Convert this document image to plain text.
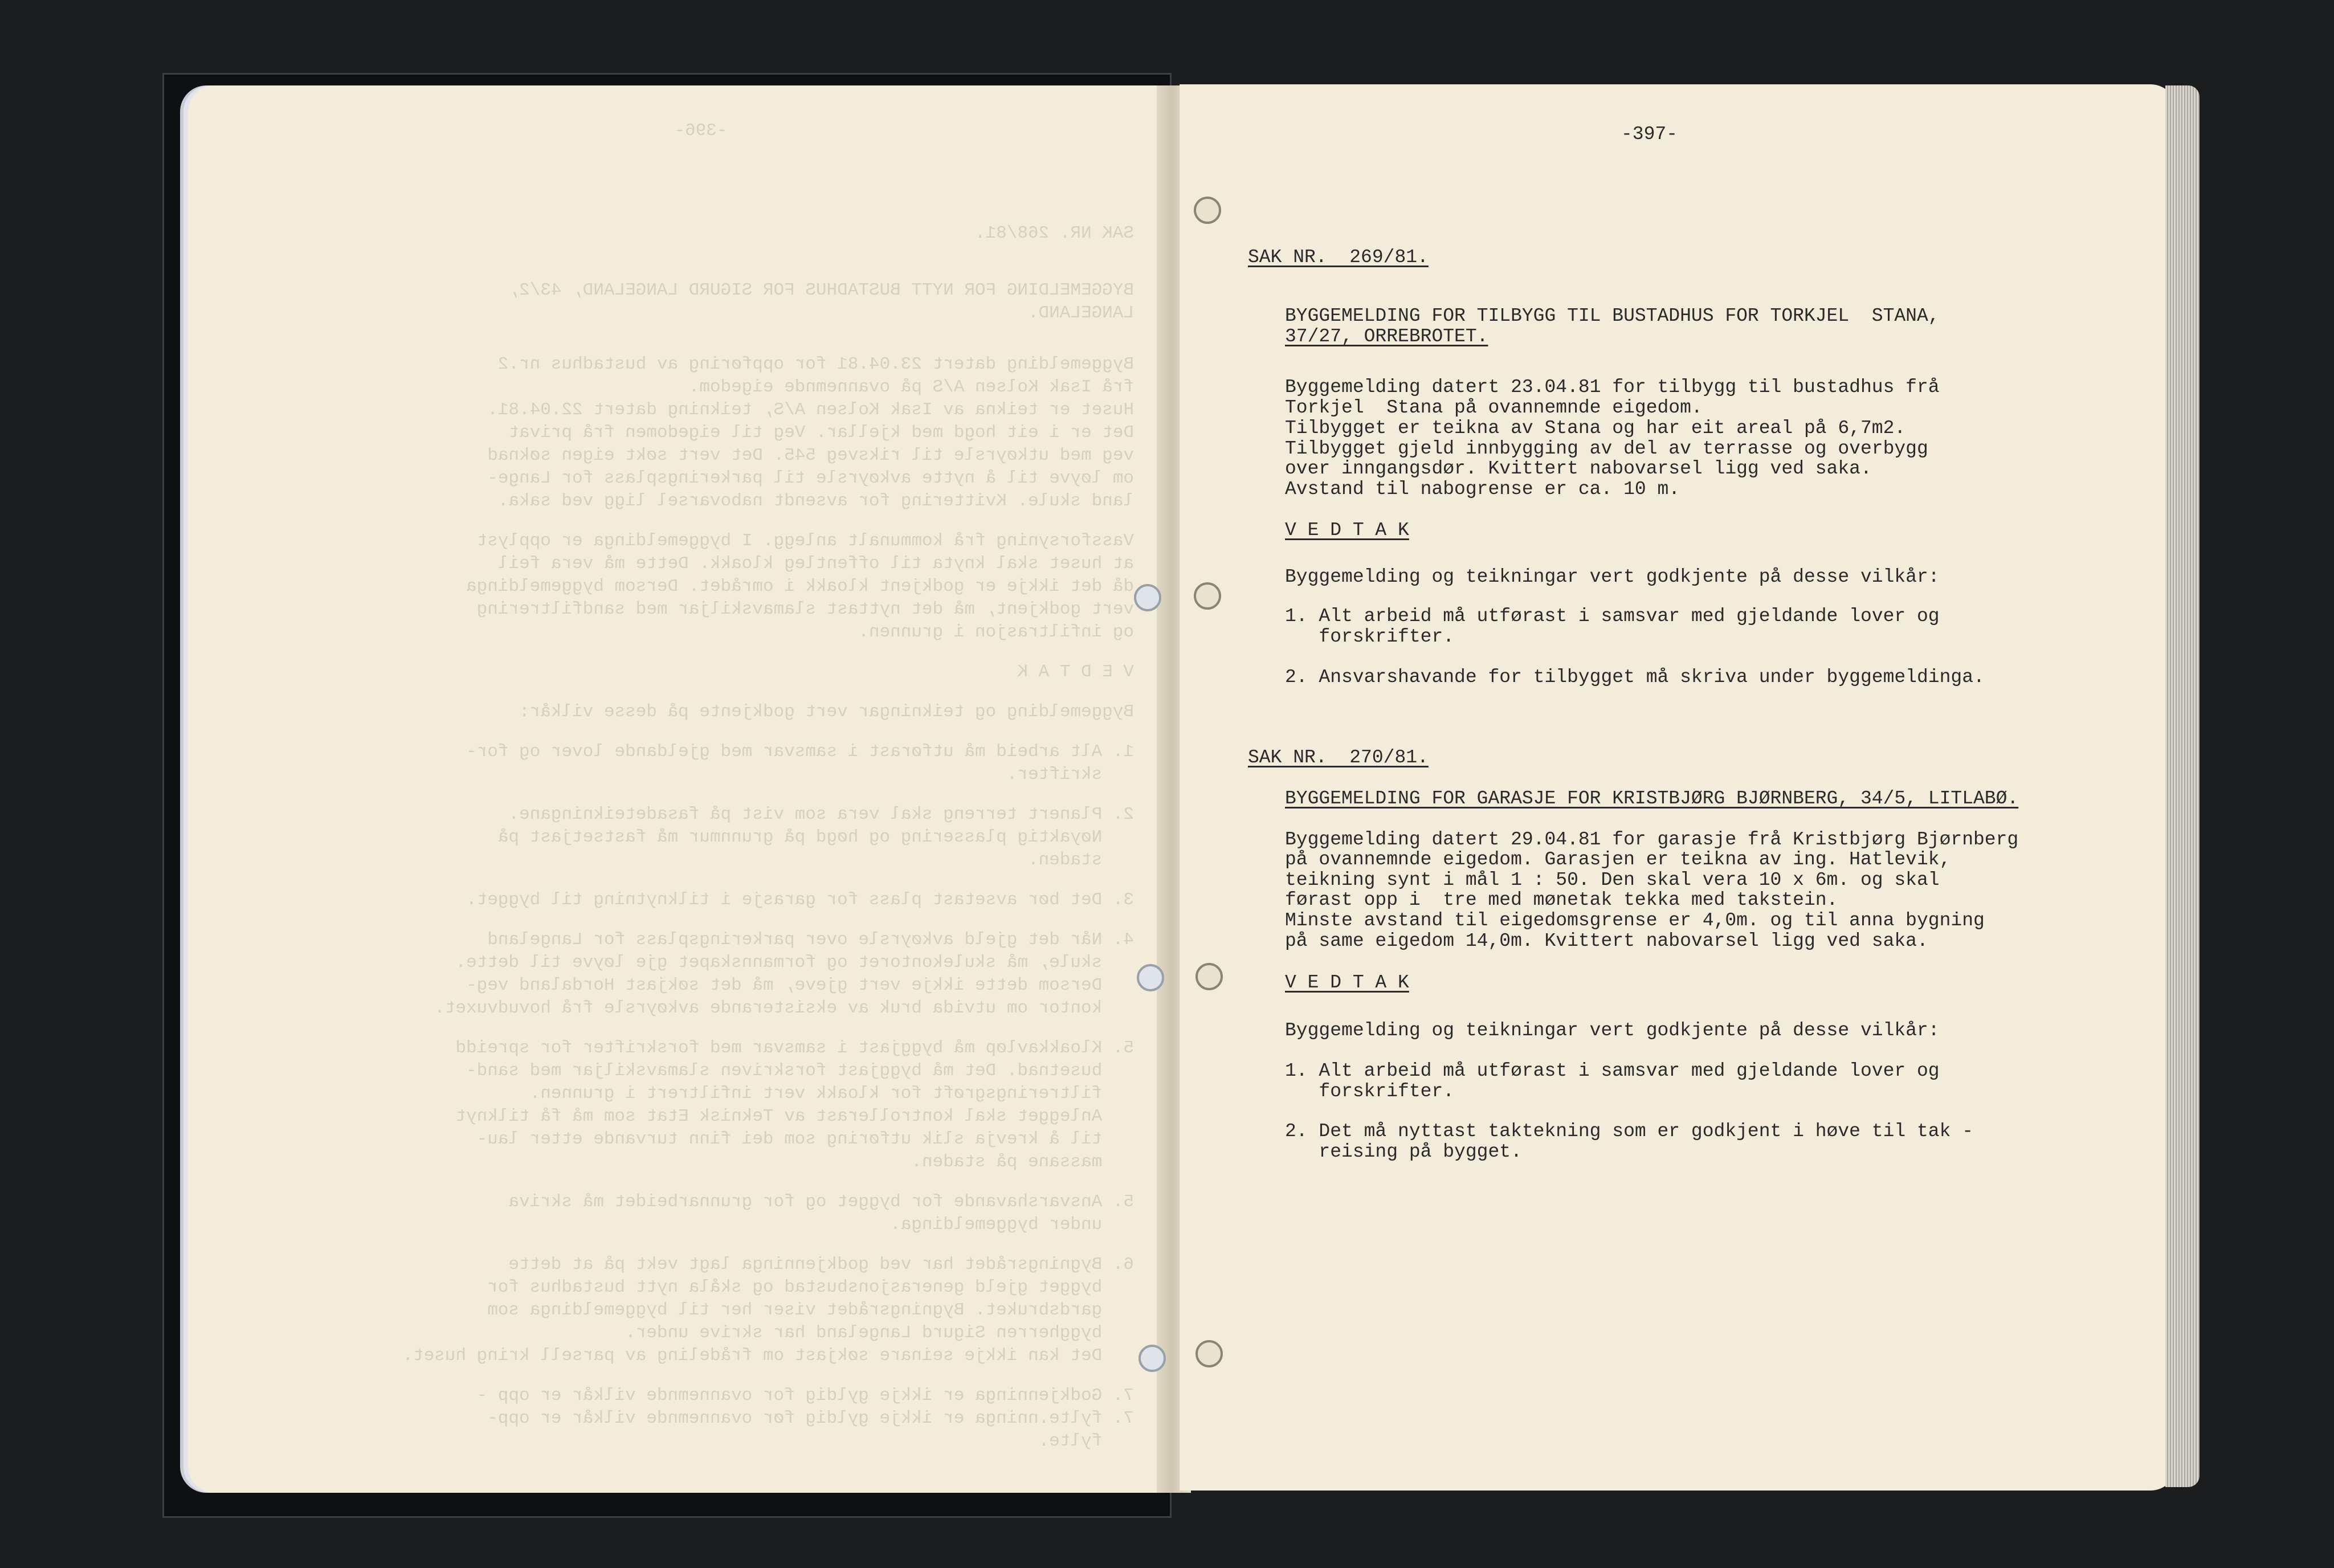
-396-

SAK NR. 268/81.

BYGGEMELDING FOR NYTT BUSTADHUS FOR SIGURD LANGELAND, 43/2,

LANGELAND.

Byggemelding datert 23.04.81 for oppføring av bustadhus nr.2
frå Isak Kolsen A/S på ovannemnde eigedom.
Huset er teikna av Isak Kolsen A/S, teikning datert 22.04.81.
Det er i eit hogd med kjellar. Veg til eigedomen frå privat
veg med utkøyrsle til riksveg 545. Det vert søkt eigen søknad
om løyve til å nytte avkøyrsle til parkeringsplass for Lange-
land skule. Kvittering for avsendt nabovarsel ligg ved saka.

Vassforsyning frå kommunalt anlegg. I byggemeldinga er opplyst
at huset skal knyta til offentleg kloakk. Dette må vera feil
då det ikkje er godkjent kloakk i området. Dersom byggemeldinga
vert godkjent, må det nyttast slamavskiljar med sandfiltrering
og infiltrasjon i grunnen.

V E D T A K

Byggemelding og teikningar vert godkjente på desse vilkår:

1. Alt arbeid må utførast i samsvar med gjeldande lover og for-
skrifter.

2. Planert terreng skal vera som vist på fasadeteikningane.
Nøyaktig plassering og høgd på grunnmur må fastsetjast på
staden.

3. Det bør avsetast plass for garasje i tilknytning til bygget.

4. Når det gjeld avkøyrsle over parkeringsplass for Langeland
skule, må skulekontoret og formannskapet gje løyve til dette.
Dersom dette ikkje vert gjeve, må det søkjast Hordaland veg-
kontor om utvida bruk av eksisterande avkøyrsle frå hovudvuxet.

5. Kloakkavløp må byggjast i samsvar med forskrifter for spreidd
busetnad. Det må byggjast forskriven slamavskiljar med sand-
filtreringsgrøft for kloakk vert infiltrert i grunnen.
Anlegget skal kontrollerast av Teknisk Etat som må få tilknyt
til å krevja slik utføring som dei finn turvande etter lau-
massane på staden.

5. Ansvarshavande for bygget og for grunnarbeidet må skriva
under byggemeldinga.

6. Bygningsrådet har ved godkjenninga lagt vekt på at dette
bygget gjeld generasjonsbustad og skåla nytt bustadhus for
gardsbruket. Bygningsrådet viser her til byggemeldinga som
byggherren Sigurd Langeland har skrive under.
Det kan ikkje seinare søkjast om frådeling av parsell kring huset.

7. Godkjenninga er ikkje gyldig for ovannemnde vilkår er opp -
7. fylte.nninga er ikkje gyldig før ovannemnde vilkår er opp-
fylte.

-397-
SAK NR.  269/81.
BYGGEMELDING FOR TILBYGG TIL BUSTADHUS FOR TORKJEL  STANA,
37/27, ORREBROTET.
Byggemelding datert 23.04.81 for tilbygg til bustadhus frå
Torkjel  Stana på ovannemnde eigedom.
Tilbygget er teikna av Stana og har eit areal på 6,7m2.
Tilbygget gjeld innbygging av del av terrasse og overbygg
over inngangsdør. Kvittert nabovarsel ligg ved saka.
Avstand til nabogrense er ca. 10 m.
V E D T A K
Byggemelding og teikningar vert godkjente på desse vilkår:
1. Alt arbeid må utførast i samsvar med gjeldande lover og
forskrifter.
2. Ansvarshavande for tilbygget må skriva under byggemeldinga.
SAK NR.  270/81.
BYGGEMELDING FOR GARASJE FOR KRISTBJØRG BJØRNBERG, 34/5, LITLABØ.
Byggemelding datert 29.04.81 for garasje frå Kristbjørg Bjørnberg
på ovannemnde eigedom. Garasjen er teikna av ing. Hatlevik,
teikning synt i mål 1 : 50. Den skal vera 10 x 6m. og skal
førast opp i  tre med mønetak tekka med takstein.
Minste avstand til eigedomsgrense er 4,0m. og til anna bygning
på same eigedom 14,0m. Kvittert nabovarsel ligg ved saka.
V E D T A K
Byggemelding og teikningar vert godkjente på desse vilkår:
1. Alt arbeid må utførast i samsvar med gjeldande lover og
forskrifter.
2. Det må nyttast taktekning som er godkjent i høve til tak -
reising på bygget.
